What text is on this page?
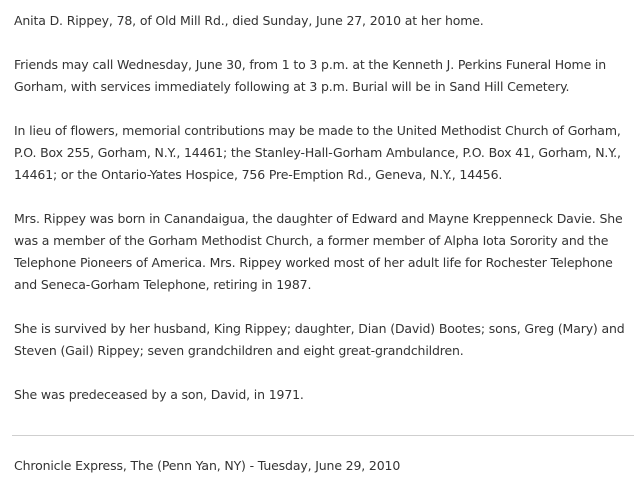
Anita D. Rippey, 78, of Old Mill Rd., died Sunday, June 27, 2010 at her home.

Friends may call Wednesday, June 30, from 1 to 3 p.m. at the Kenneth J. Perkins Funeral Home in Gorham, with services immediately following at 3 p.m. Burial will be in Sand Hill Cemetery.

In lieu of flowers, memorial contributions may be made to the United Methodist Church of Gorham, P.O. Box 255, Gorham, N.Y., 14461; the Stanley-Hall-Gorham Ambulance, P.O. Box 41, Gorham, N.Y., 14461; or the Ontario-Yates Hospice, 756 Pre-Emption Rd., Geneva, N.Y., 14456.

Mrs. Rippey was born in Canandaigua, the daughter of Edward and Mayne Kreppenneck Davie. She was a member of the Gorham Methodist Church, a former member of Alpha Iota Sorority and the Telephone Pioneers of America. Mrs. Rippey worked most of her adult life for Rochester Telephone and Seneca-Gorham Telephone, retiring in 1987.

She is survived by her husband, King Rippey; daughter, Dian (David) Bootes; sons, Greg (Mary) and Steven (Gail) Rippey; seven grandchildren and eight great-grandchildren.

She was predeceased by a son, David, in 1971.

Chronicle Express, The (Penn Yan, NY) - Tuesday, June 29, 2010
